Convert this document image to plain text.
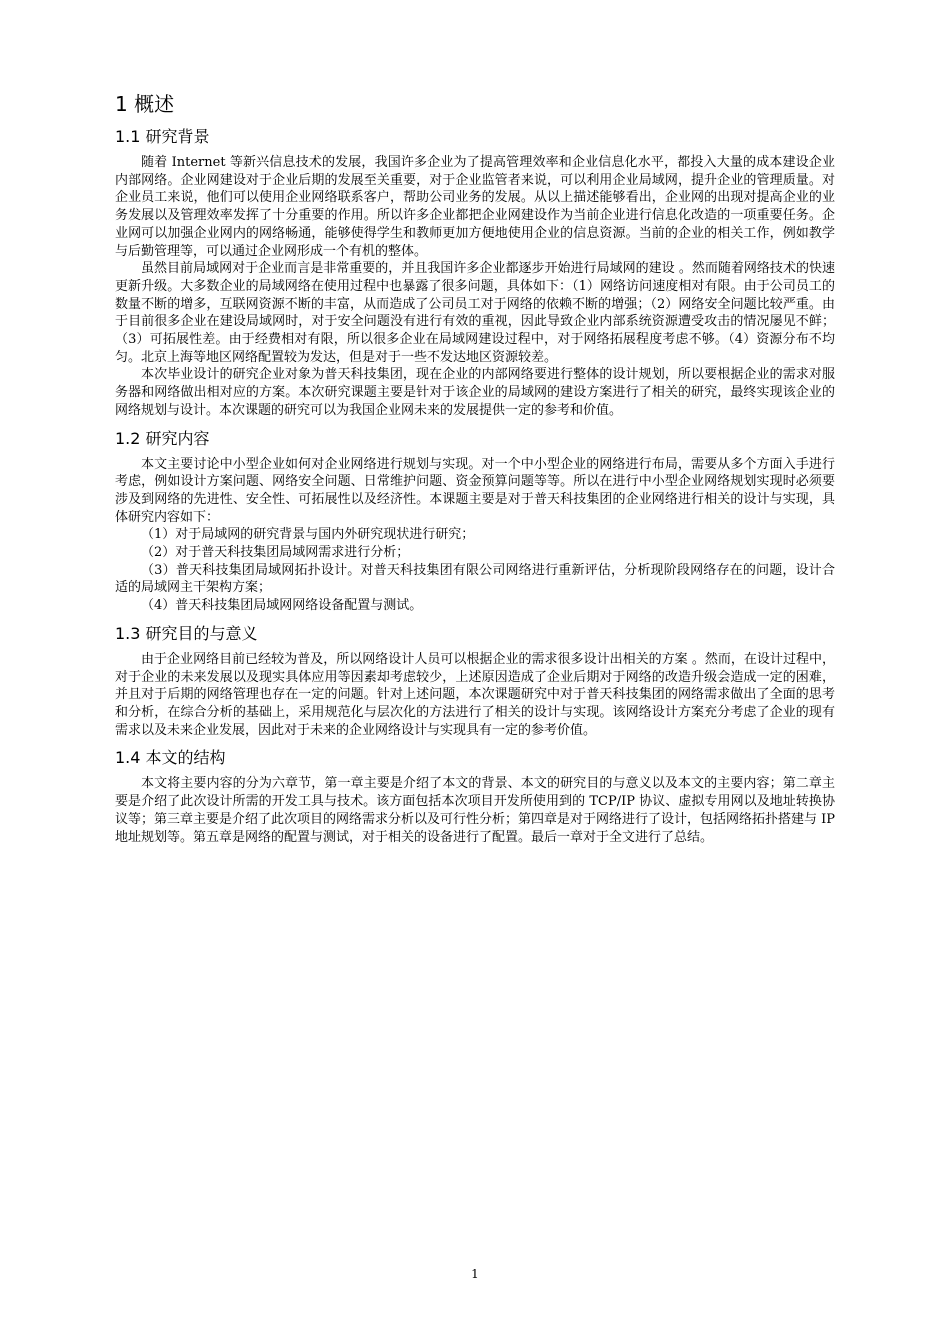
1 概述
1.1 研究背景

随着 Internet 等新兴信息技术的发展，我国许多企业为了提高管理效率和企业信息化水平，都投入大量的成本建设企业内部网络。企业网建设对于企业后期的发展至关重要，对于企业监管者来说，可以利用企业局域网，提升企业的管理质量。对企业员工来说，他们可以使用企业网络联系客户，帮助公司业务的发展。从以上描述能够看出，企业网的出现对提高企业的业务发展以及管理效率发挥了十分重要的作用。所以许多企业都把企业网建设作为当前企业进行信息化改造的一项重要任务。企业网可以加强企业网内的网络畅通，能够使得学生和教师更加方便地使用企业的信息资源。当前的企业的相关工作，例如教学与后勤管理等，可以通过企业网形成一个有机的整体。

虽然目前局域网对于企业而言是非常重要的，并且我国许多企业都逐步开始进行局域网的建设 。然而随着网络技术的快速更新升级。大多数企业的局域网络在使用过程中也暴露了很多问题，具体如下：（1）网络访问速度相对有限。由于公司员工的数量不断的增多，互联网资源不断的丰富，从而造成了公司员工对于网络的依赖不断的增强；（2）网络安全问题比较严重。由于目前很多企业在建设局域网时，对于安全问题没有进行有效的重视，因此导致企业内部系统资源遭受攻击的情况屡见不鲜；（3）可拓展性差。由于经费相对有限，所以很多企业在局域网建设过程中，对于网络拓展程度考虑不够。（4）资源分布不均匀。北京上海等地区网络配置较为发达，但是对于一些不发达地区资源较差。

本次毕业设计的研究企业对象为普天科技集团，现在企业的内部网络要进行整体的设计规划，所以要根据企业的需求对服务器和网络做出相对应的方案。本次研究课题主要是针对于该企业的局域网的建设方案进行了相关的研究，最终实现该企业的网络规划与设计。本次课题的研究可以为我国企业网未来的发展提供一定的参考和价值。

1.2 研究内容

本文主要讨论中小型企业如何对企业网络进行规划与实现。对一个中小型企业的网络进行布局，需要从多个方面入手进行考虑，例如设计方案问题、网络安全问题、日常维护问题、资金预算问题等等。所以在进行中小型企业网络规划实现时必须要涉及到网络的先进性、安全性、可拓展性以及经济性。本课题主要是对于普天科技集团的企业网络进行相关的设计与实现，具体研究内容如下：

（1）对于局域网的研究背景与国内外研究现状进行研究；

（2）对于普天科技集团局域网需求进行分析；

（3）普天科技集团局域网拓扑设计。对普天科技集团有限公司网络进行重新评估，分析现阶段网络存在的问题，设计合适的局域网主干架构方案；

（4）普天科技集团局域网网络设备配置与测试。

1.3 研究目的与意义

由于企业网络目前已经较为普及，所以网络设计人员可以根据企业的需求很多设计出相关的方案 。然而，在设计过程中，对于企业的未来发展以及现实具体应用等因素却考虑较少，上述原因造成了企业后期对于网络的改造升级会造成一定的困难，并且对于后期的网络管理也存在一定的问题。针对上述问题，本次课题研究中对于普天科技集团的网络需求做出了全面的思考和分析，在综合分析的基础上，采用规范化与层次化的方法进行了相关的设计与实现。该网络设计方案充分考虑了企业的现有需求以及未来企业发展，因此对于未来的企业网络设计与实现具有一定的参考价值。

1.4 本文的结构

本文将主要内容的分为六章节，第一章主要是介绍了本文的背景、本文的研究目的与意义以及本文的主要内容；第二章主要是介绍了此次设计所需的开发工具与技术。该方面包括本次项目开发所使用到的 TCP/IP 协议、虚拟专用网以及地址转换协议等；第三章主要是介绍了此次项目的网络需求分析以及可行性分析；第四章是对于网络进行了设计，包括网络拓扑搭建与 IP 地址规划等。第五章是网络的配置与测试，对于相关的设备进行了配置。最后一章对于全文进行了总结。

1
